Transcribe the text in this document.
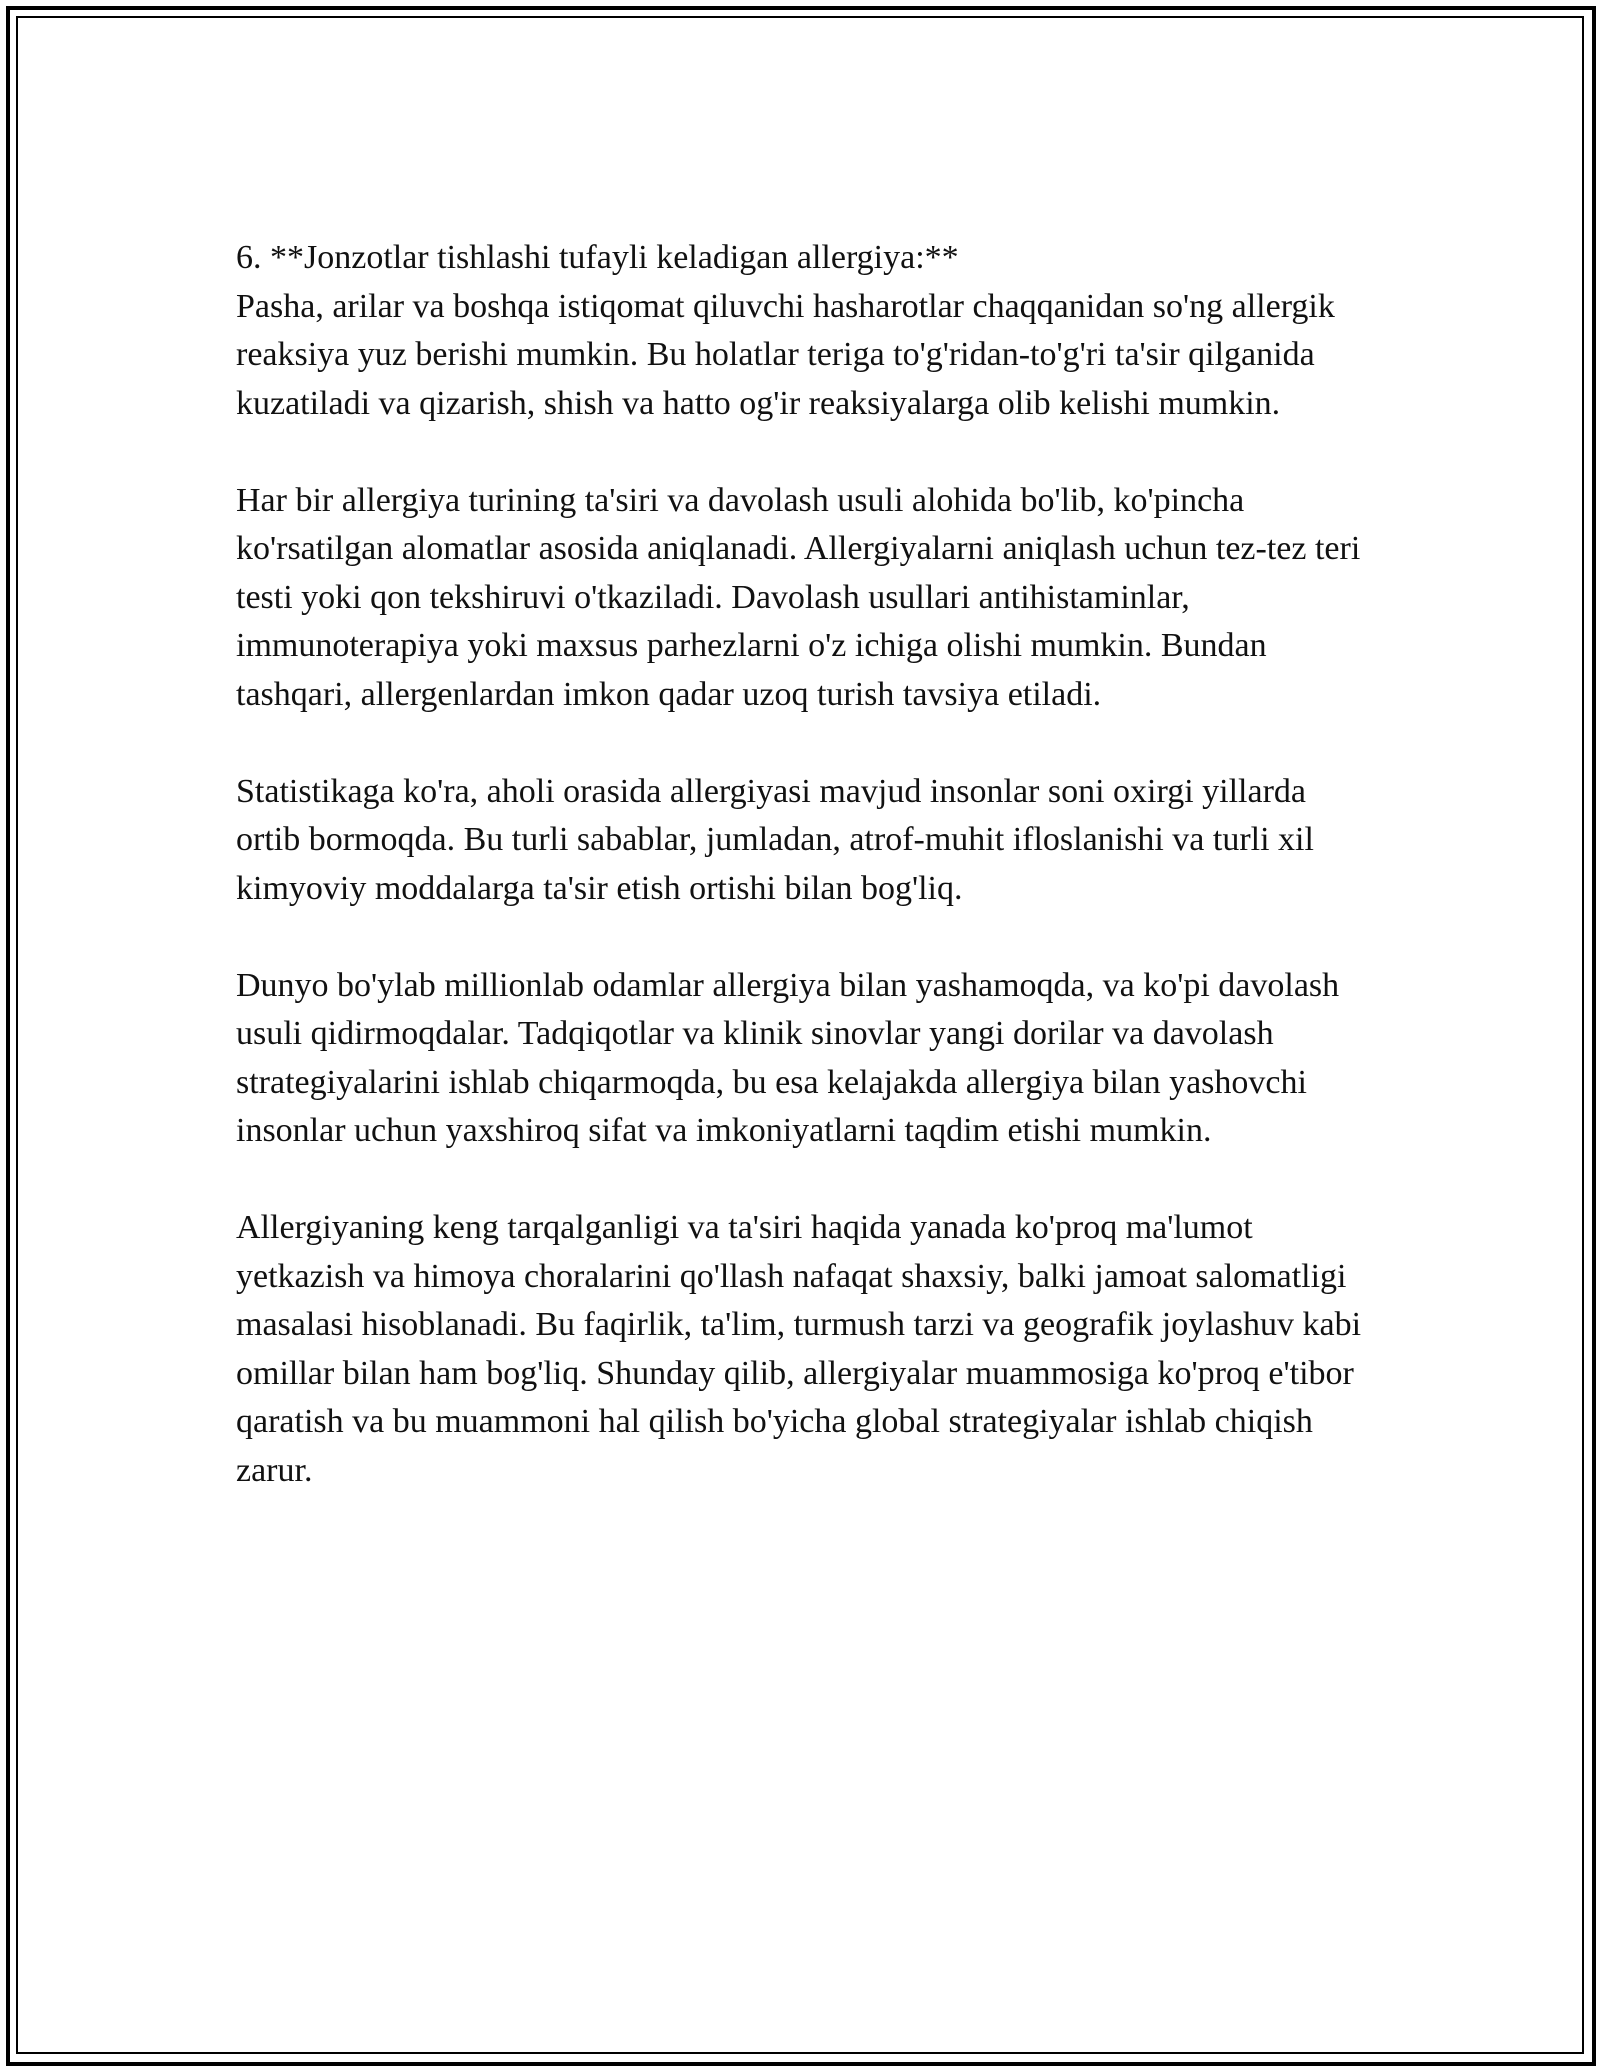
6. **Jonzotlar tishlashi tufayli keladigan allergiya:**
Pasha, arilar va boshqa istiqomat qiluvchi hasharotlar chaqqanidan so'ng allergik reaksiya yuz berishi mumkin. Bu holatlar teriga to'g'ridan-to'g'ri ta'sir qilganida kuzatiladi va qizarish, shish va hatto og'ir reaksiyalarga olib kelishi mumkin.

Har bir allergiya turining ta'siri va davolash usuli alohida bo'lib, ko'pincha ko'rsatilgan alomatlar asosida aniqlanadi. Allergiyalarni aniqlash uchun tez-tez teri testi yoki qon tekshiruvi o'tkaziladi. Davolash usullari antihistaminlar, immunoterapiya yoki maxsus parhezlarni o'z ichiga olishi mumkin. Bundan tashqari, allergenlardan imkon qadar uzoq turish tavsiya etiladi.

Statistikaga ko'ra, aholi orasida allergiyasi mavjud insonlar soni oxirgi yillarda ortib bormoqda. Bu turli sabablar, jumladan, atrof-muhit ifloslanishi va turli xil kimyoviy moddalarga ta'sir etish ortishi bilan bog'liq.

Dunyo bo'ylab millionlab odamlar allergiya bilan yashamoqda, va ko'pi davolash usuli qidirmoqdalar. Tadqiqotlar va klinik sinovlar yangi dorilar va davolash strategiyalarini ishlab chiqarmoqda, bu esa kelajakda allergiya bilan yashovchi insonlar uchun yaxshiroq sifat va imkoniyatlarni taqdim etishi mumkin.

Allergiyaning keng tarqalganligi va ta'siri haqida yanada ko'proq ma'lumot yetkazish va himoya choralarini qo'llash nafaqat shaxsiy, balki jamoat salomatligi masalasi hisoblanadi. Bu faqirlik, ta'lim, turmush tarzi va geografik joylashuv kabi omillar bilan ham bog'liq. Shunday qilib, allergiyalar muammosiga ko'proq e'tibor qaratish va bu muammoni hal qilish bo'yicha global strategiyalar ishlab chiqish zarur.
